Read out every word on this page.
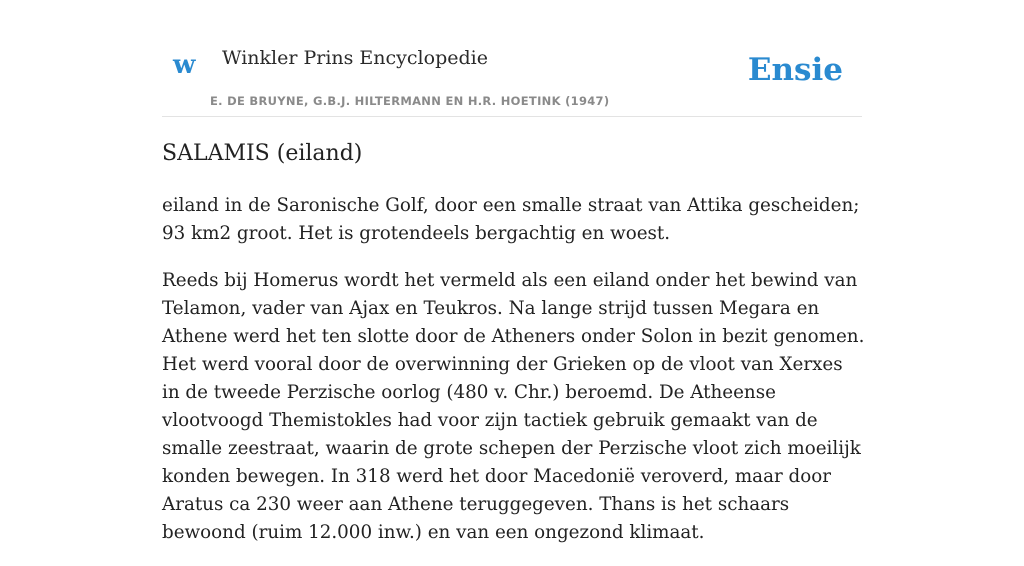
w Winkler Prins Encyclopedie
E. DE BRUYNE, G.B.J. HILTERMANN EN H.R. HOETINK (1947)
Ensie
SALAMIS (eiland)

eiland in de Saronische Golf, door een smalle straat van Attika gescheiden; 93 km2 groot. Het is grotendeels bergachtig en woest.

Reeds bij Homerus wordt het vermeld als een eiland onder het bewind van Telamon, vader van Ajax en Teukros. Na lange strijd tussen Megara en Athene werd het ten slotte door de Atheners onder Solon in bezit genomen. Het werd vooral door de overwinning der Grieken op de vloot van Xerxes in de tweede Perzische oorlog (480 v. Chr.) beroemd. De Atheense vlootvoogd Themistokles had voor zijn tactiek gebruik gemaakt van de smalle zeestraat, waarin de grote schepen der Perzische vloot zich moeilijk konden bewegen. In 318 werd het door Macedonië veroverd, maar door Aratus ca 230 weer aan Athene teruggegeven. Thans is het schaars bewoond (ruim 12.000 inw.) en van een ongezond klimaat.
